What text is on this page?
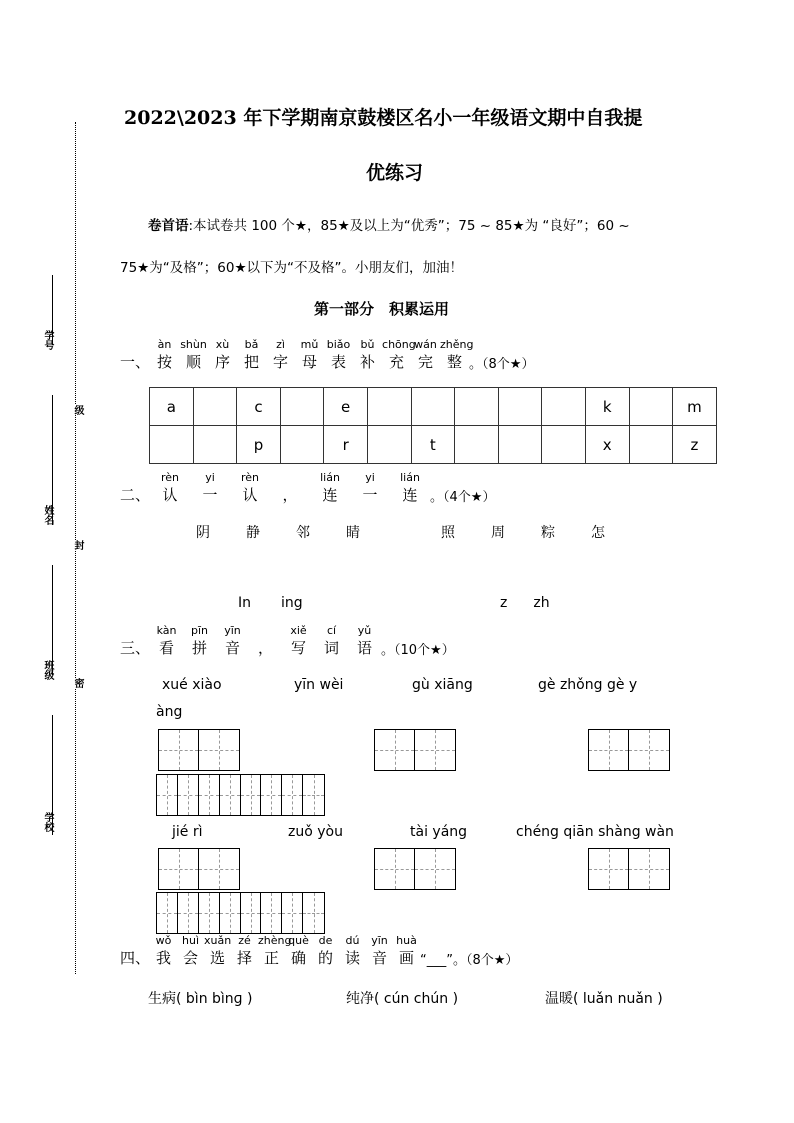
学号
姓名
班级
学校
级
封
密
2022\2023 年下学期南京鼓楼区名小一年级语文期中自我提
优练习
卷首语:本试卷共 100 个★，85★及以上为“优秀”；75 ~ 85★为 “良好”；60 ~
75★为“及格”；60★以下为“不及格”。小朋友们，加油！
第一部分　积累运用
一、
àn
按
shùn
顺
xù
序
bǎ
把
zì
字
mǔ
母
biǎo
表
bǔ
补
chōng
充
wán
完
zhěng
整 。（8个★）
a		c		e						k		m
		p		r		t				x		z
二、
rèn
认
yi
一
rèn
认	，
lián
连
yi
一
lián
连 。（4个★）
阴	静	邻	睛	照	周	粽	怎
In ing	z zh
三、
kàn
看
pīn
拼
yīn
音	，
xiě
写
cí
词
yǔ
语 。（10个★）
xué xiào	yīn wèi	gù xiāng	gè zhǒng gè y
àng
jié rì	zuǒ yòu	tài yáng	chéng qiān shàng wàn
四、
wǒ
我
huì
会
xuǎn
选
zé
择
zhèng
正
què
确
de
的
dú
读
yīn
音
huà
画 “___”。（8个★）
生病( bìn bìnɡ )	纯净( cún chún )	温暖( luǎn nuǎn )
